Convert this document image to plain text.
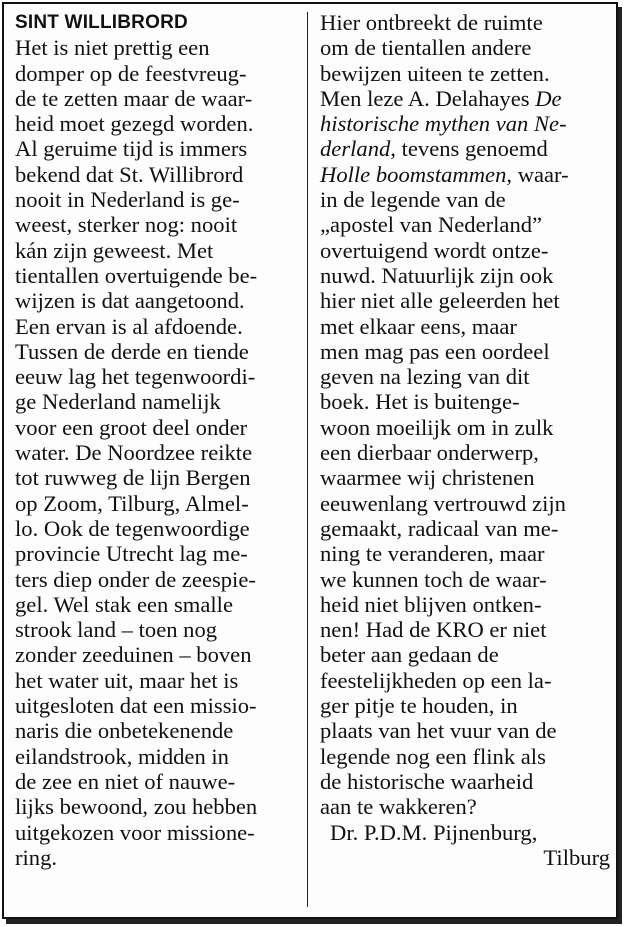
SINT WILLIBRORD
Het is niet prettig een
domper op de feestvreug-
de te zetten maar de waar-
heid moet gezegd worden.
Al geruime tijd is immers
bekend dat St. Willibrord
nooit in Nederland is ge-
weest, sterker nog: nooit
kán zijn geweest. Met
tientallen overtuigende be-
wijzen is dat aangetoond.
Een ervan is al afdoende.
Tussen de derde en tiende
eeuw lag het tegenwoordi-
ge Nederland namelijk
voor een groot deel onder
water. De Noordzee reikte
tot ruwweg de lijn Bergen
op Zoom, Tilburg, Almel-
lo. Ook de tegenwoordige
provincie Utrecht lag me-
ters diep onder de zeespie-
gel. Wel stak een smalle
strook land – toen nog
zonder zeeduinen – boven
het water uit, maar het is
uitgesloten dat een missio-
naris die onbetekenende
eilandstrook, midden in
de zee en niet of nauwe-
lijks bewoond, zou hebben
uitgekozen voor missione-
ring.
Hier ontbreekt de ruimte
om de tientallen andere
bewijzen uiteen te zetten.
Men leze A. Delahayes De
historische mythen van Ne-
derland, tevens genoemd
Holle boomstammen, waar-
in de legende van de
„apostel van Nederland”
overtuigend wordt ontze-
nuwd. Natuurlijk zijn ook
hier niet alle geleerden het
met elkaar eens, maar
men mag pas een oordeel
geven na lezing van dit
boek. Het is buitenge-
woon moeilijk om in zulk
een dierbaar onderwerp,
waarmee wij christenen
eeuwenlang vertrouwd zijn
gemaakt, radicaal van me-
ning te veranderen, maar
we kunnen toch de waar-
heid niet blijven ontken-
nen! Had de KRO er niet
beter aan gedaan de
feestelijkheden op een la-
ger pitje te houden, in
plaats van het vuur van de
legende nog een flink als
de historische waarheid
aan te wakkeren?
Dr. P.D.M. Pijnenburg,
Tilburg
